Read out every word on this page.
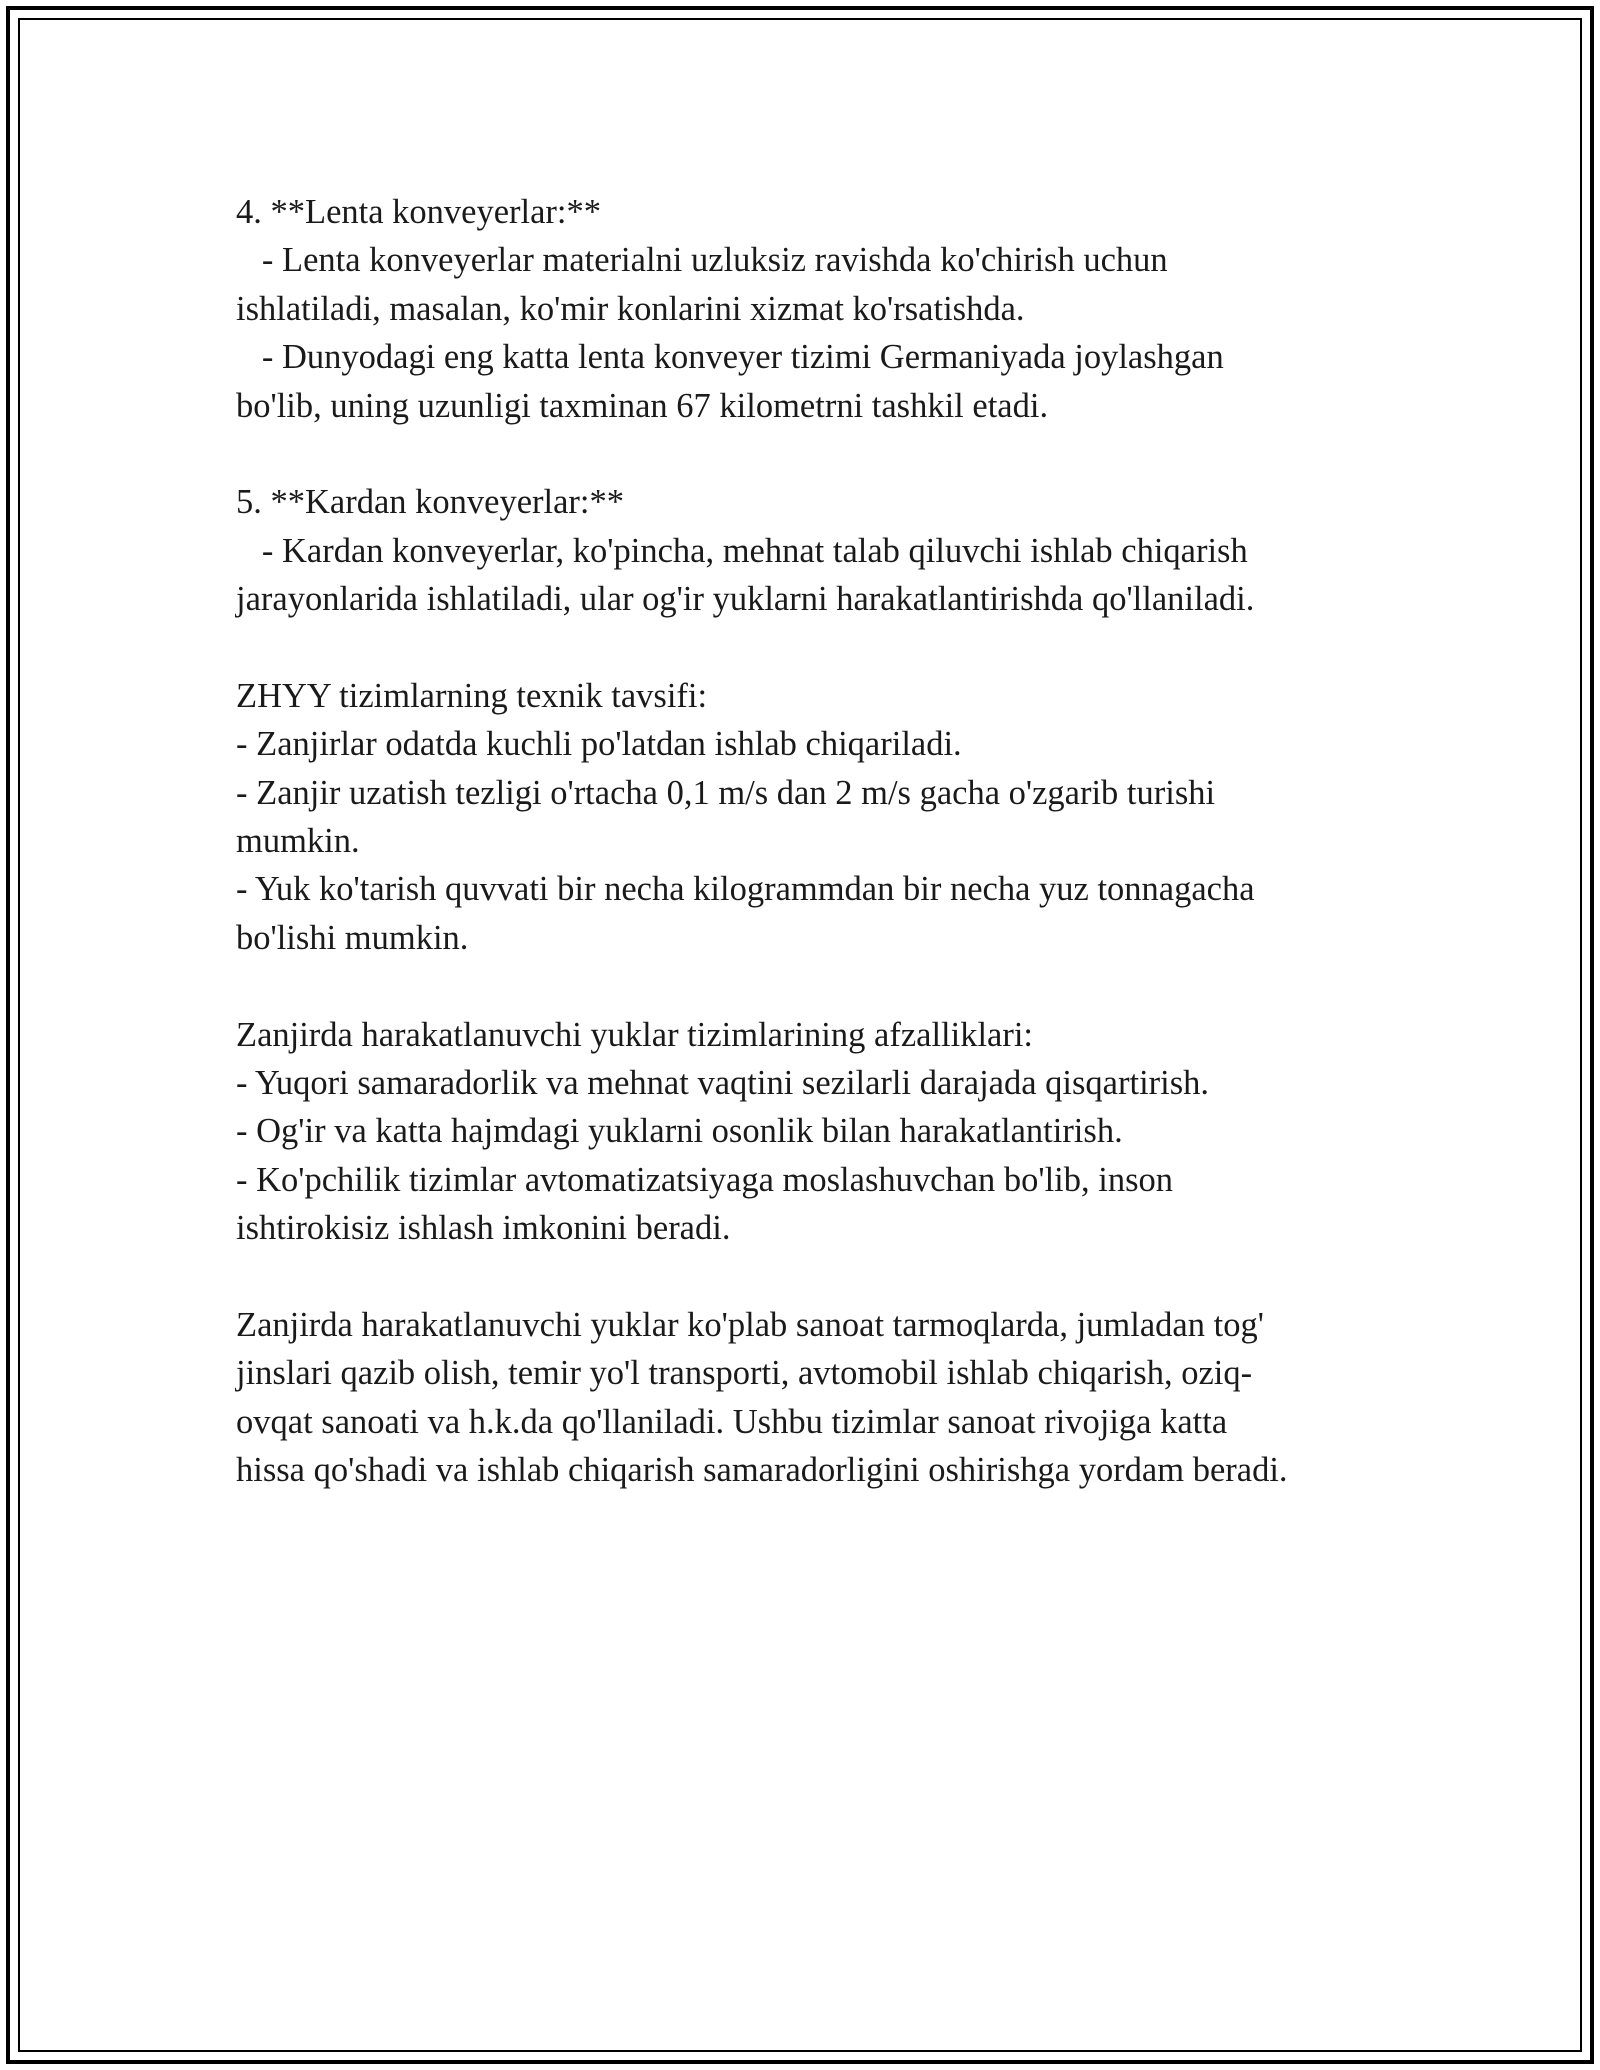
4. **Lenta konveyerlar:**
- Lenta konveyerlar materialni uzluksiz ravishda ko'chirish uchun
ishlatiladi, masalan, ko'mir konlarini xizmat ko'rsatishda.
- Dunyodagi eng katta lenta konveyer tizimi Germaniyada joylashgan
bo'lib, uning uzunligi taxminan 67 kilometrni tashkil etadi.
5. **Kardan konveyerlar:**
- Kardan konveyerlar, ko'pincha, mehnat talab qiluvchi ishlab chiqarish
jarayonlarida ishlatiladi, ular og'ir yuklarni harakatlantirishda qo'llaniladi.
ZHYY tizimlarning texnik tavsifi:
- Zanjirlar odatda kuchli po'latdan ishlab chiqariladi.
- Zanjir uzatish tezligi o'rtacha 0,1 m/s dan 2 m/s gacha o'zgarib turishi
mumkin.
- Yuk ko'tarish quvvati bir necha kilogrammdan bir necha yuz tonnagacha
bo'lishi mumkin.
Zanjirda harakatlanuvchi yuklar tizimlarining afzalliklari:
- Yuqori samaradorlik va mehnat vaqtini sezilarli darajada qisqartirish.
- Og'ir va katta hajmdagi yuklarni osonlik bilan harakatlantirish.
- Ko'pchilik tizimlar avtomatizatsiyaga moslashuvchan bo'lib, inson
ishtirokisiz ishlash imkonini beradi.
Zanjirda harakatlanuvchi yuklar ko'plab sanoat tarmoqlarda, jumladan tog'
jinslari qazib olish, temir yo'l transporti, avtomobil ishlab chiqarish, oziq-
ovqat sanoati va h.k.da qo'llaniladi. Ushbu tizimlar sanoat rivojiga katta
hissa qo'shadi va ishlab chiqarish samaradorligini oshirishga yordam beradi.
